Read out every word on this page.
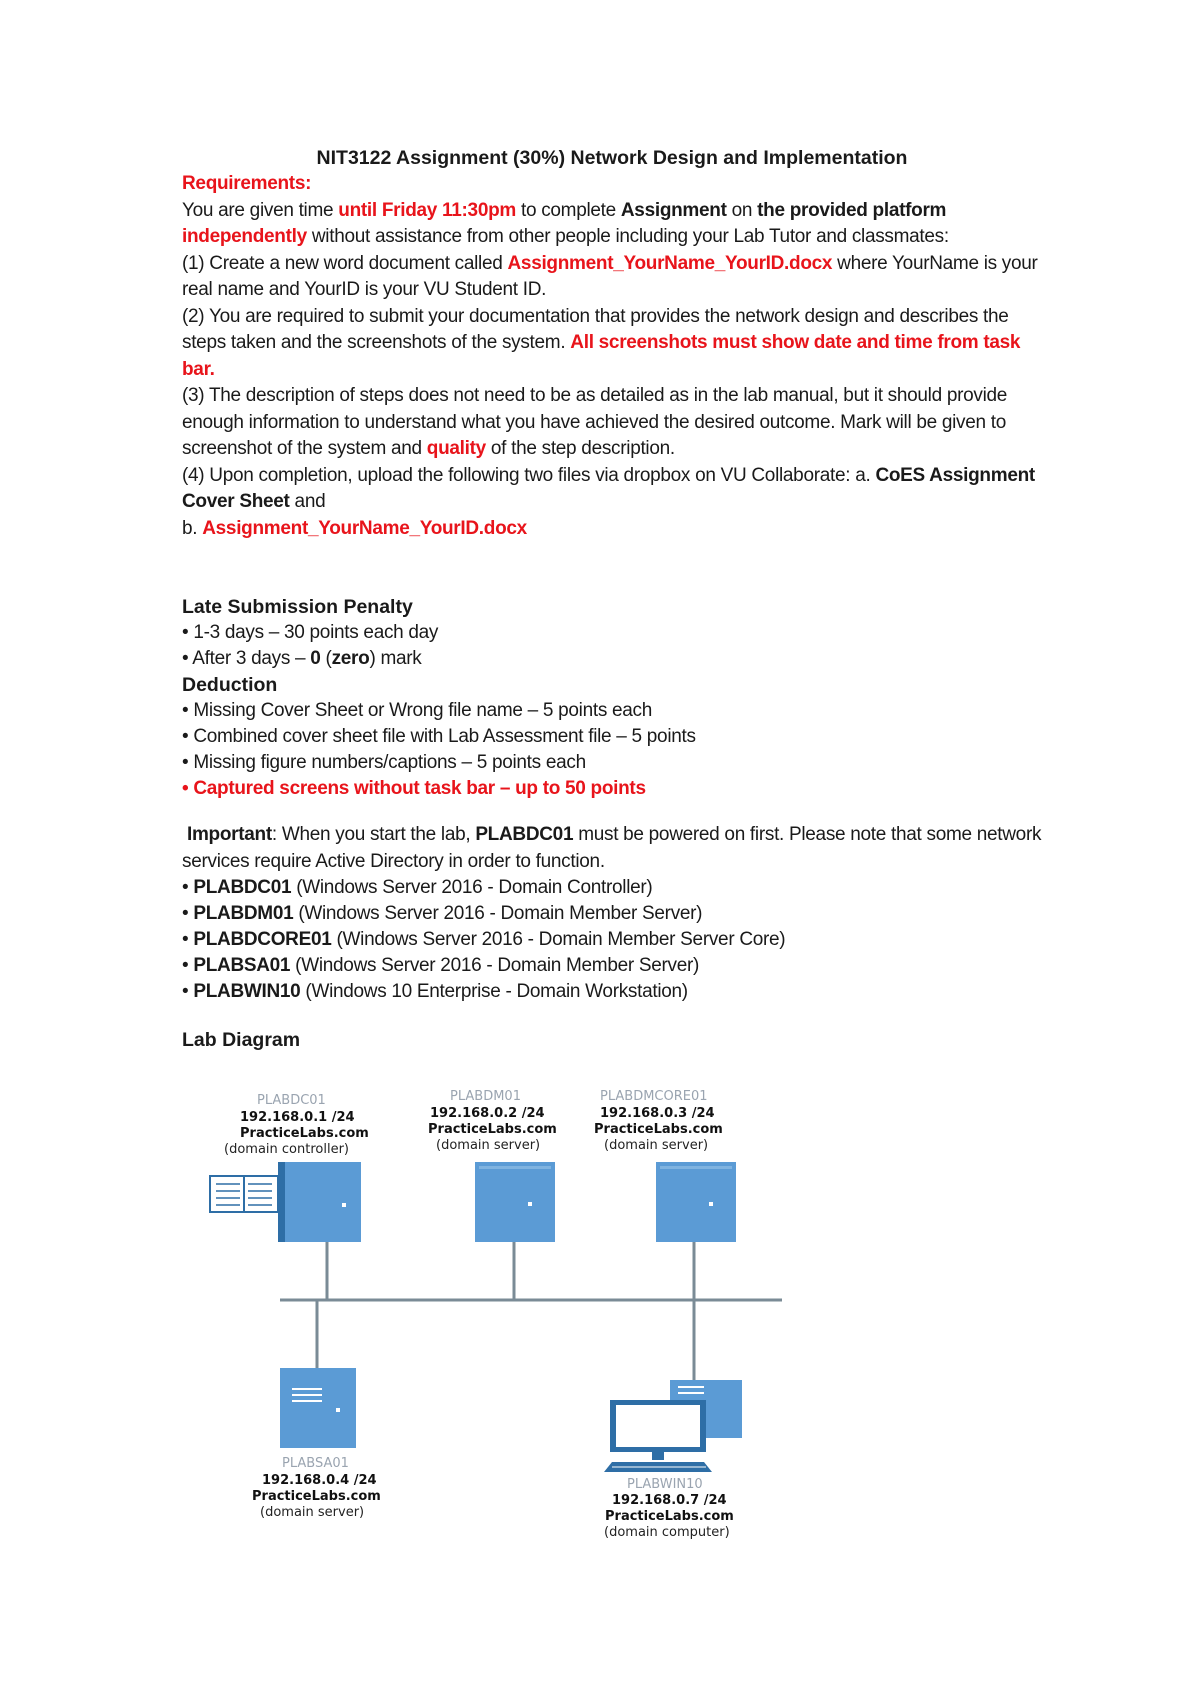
NIT3122 Assignment (30%) Network Design and Implementation

Requirements:

You are given time until Friday 11:30pm to complete Assignment on the provided platform independently without assistance from other people including your Lab Tutor and classmates:

(1) Create a new word document called Assignment_YourName_YourID.docx where YourName is your real name and YourID is your VU Student ID.

(2) You are required to submit your documentation that provides the network design and describes the steps taken and the screenshots of the system. All screenshots must show date and time from task bar.

(3) The description of steps does not need to be as detailed as in the lab manual, but it should provide enough information to understand what you have achieved the desired outcome. Mark will be given to screenshot of the system and quality of the step description.

(4) Upon completion, upload the following two files via dropbox on VU Collaborate: a. CoES Assignment Cover Sheet and

b. Assignment_YourName_YourID.docx

Late Submission Penalty

• 1-3 days – 30 points each day

• After 3 days – 0 (zero) mark

Deduction

• Missing Cover Sheet or Wrong file name – 5 points each

• Combined cover sheet file with Lab Assessment file – 5 points

• Missing figure numbers/captions – 5 points each

• Captured screens without task bar – up to 50 points

Important: When you start the lab, PLABDC01 must be powered on first. Please note that some network services require Active Directory in order to function.

• PLABDC01 (Windows Server 2016 - Domain Controller)

• PLABDM01 (Windows Server 2016 - Domain Member Server)

• PLABDCORE01 (Windows Server 2016 - Domain Member Server Core)

• PLABSA01 (Windows Server 2016 - Domain Member Server)

• PLABWIN10 (Windows 10 Enterprise - Domain Workstation)

Lab Diagram

PLABDC01
192.168.0.1 /24
PracticeLabs.com
(domain controller)
PLABDM01
192.168.0.2 /24
PracticeLabs.com
(domain server)
PLABDMCORE01
192.168.0.3 /24
PracticeLabs.com
(domain server)
PLABSA01
192.168.0.4 /24
PracticeLabs.com
(domain server)
PLABWIN10
192.168.0.7 /24
PracticeLabs.com
(domain computer)
